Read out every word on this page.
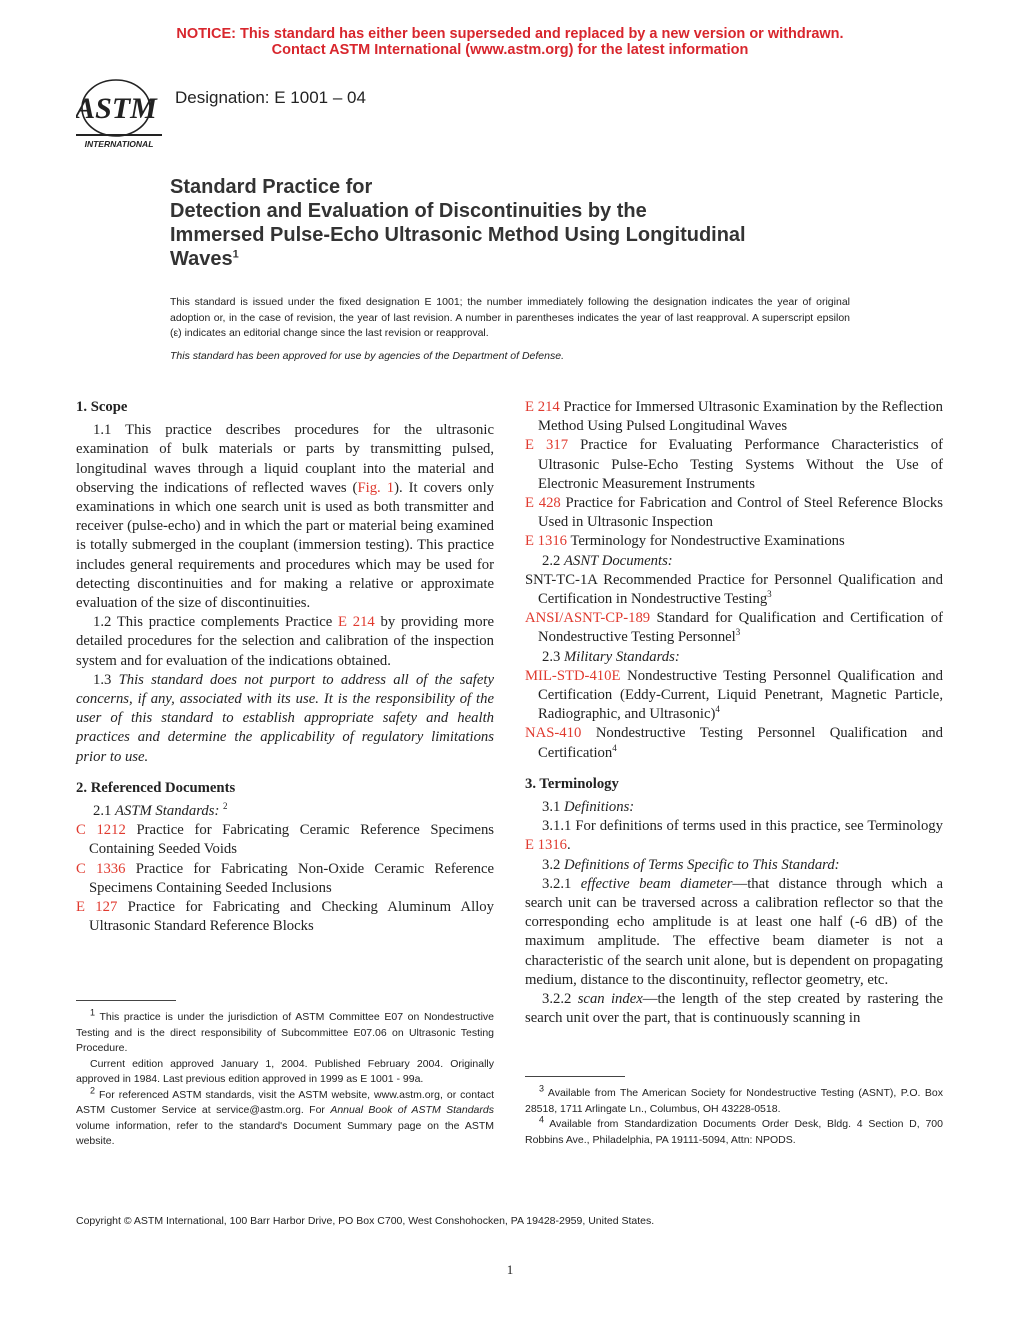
NOTICE: This standard has either been superseded and replaced by a new version or withdrawn.
Contact ASTM International (www.astm.org) for the latest information
ASTM
INTERNATIONAL
Designation: E 1001 – 04
Standard Practice for
Detection and Evaluation of Discontinuities by the
Immersed Pulse-Echo Ultrasonic Method Using Longitudinal
Waves$^1$
This standard is issued under the fixed designation E 1001; the number immediately following the designation indicates the year of original adoption or, in the case of revision, the year of last revision. A number in parentheses indicates the year of last reapproval. A superscript epsilon (ε) indicates an editorial change since the last revision or reapproval.
This standard has been approved for use by agencies of the Department of Defense.

1. Scope

1.1 This practice describes procedures for the ultrasonic examination of bulk materials or parts by transmitting pulsed, longitudinal waves through a liquid couplant into the material and observing the indications of reflected waves (Fig. 1). It covers only examinations in which one search unit is used as both transmitter and receiver (pulse-echo) and in which the part or material being examined is totally submerged in the couplant (immersion testing). This practice includes general requirements and procedures which may be used for detecting discontinuities and for making a relative or approximate evaluation of the size of discontinuities.

1.2 This practice complements Practice E 214 by providing more detailed procedures for the selection and calibration of the inspection system and for evaluation of the indications obtained.

1.3 This standard does not purport to address all of the safety concerns, if any, associated with its use. It is the responsibility of the user of this standard to establish appropriate safety and health practices and determine the applicability of regulatory limitations prior to use.

2. Referenced Documents

2.1 ASTM Standards: $^2$

C 1212 Practice for Fabricating Ceramic Reference Specimens Containing Seeded Voids

C 1336 Practice for Fabricating Non-Oxide Ceramic Reference Specimens Containing Seeded Inclusions

E 127 Practice for Fabricating and Checking Aluminum Alloy Ultrasonic Standard Reference Blocks

$^1$ This practice is under the jurisdiction of ASTM Committee E07 on Nondestructive Testing and is the direct responsibility of Subcommittee E07.06 on Ultrasonic Testing Procedure.

Current edition approved January 1, 2004. Published February 2004. Originally approved in 1984. Last previous edition approved in 1999 as E 1001 - 99a.

$^2$ For referenced ASTM standards, visit the ASTM website, www.astm.org, or contact ASTM Customer Service at service@astm.org. For Annual Book of ASTM Standards volume information, refer to the standard's Document Summary page on the ASTM website.

E 214 Practice for Immersed Ultrasonic Examination by the Reflection Method Using Pulsed Longitudinal Waves

E 317 Practice for Evaluating Performance Characteristics of Ultrasonic Pulse-Echo Testing Systems Without the Use of Electronic Measurement Instruments

E 428 Practice for Fabrication and Control of Steel Reference Blocks Used in Ultrasonic Inspection

E 1316 Terminology for Nondestructive Examinations

2.2 ASNT Documents:

SNT-TC-1A Recommended Practice for Personnel Qualification and Certification in Nondestructive Testing$^3$

ANSI/ASNT-CP-189 Standard for Qualification and Certification of Nondestructive Testing Personnel$^3$

2.3 Military Standards:

MIL-STD-410E Nondestructive Testing Personnel Qualification and Certification (Eddy-Current, Liquid Penetrant, Magnetic Particle, Radiographic, and Ultrasonic)$^4$

NAS-410 Nondestructive Testing Personnel Qualification and Certification$^4$

3. Terminology

3.1 Definitions:

3.1.1 For definitions of terms used in this practice, see Terminology E 1316.

3.2 Definitions of Terms Specific to This Standard:

3.2.1 effective beam diameter—that distance through which a search unit can be traversed across a calibration reflector so that the corresponding echo amplitude is at least one half (-6 dB) of the maximum amplitude. The effective beam diameter is not a characteristic of the search unit alone, but is dependent on propagating medium, distance to the discontinuity, reflector geometry, etc.

3.2.2 scan index—the length of the step created by rastering the search unit over the part, that is continuously scanning in

$^3$ Available from The American Society for Nondestructive Testing (ASNT), P.O. Box 28518, 1711 Arlingate Ln., Columbus, OH 43228-0518.

$^4$ Available from Standardization Documents Order Desk, Bldg. 4 Section D, 700 Robbins Ave., Philadelphia, PA 19111-5094, Attn: NPODS.

Copyright © ASTM International, 100 Barr Harbor Drive, PO Box C700, West Conshohocken, PA 19428-2959, United States.
1
